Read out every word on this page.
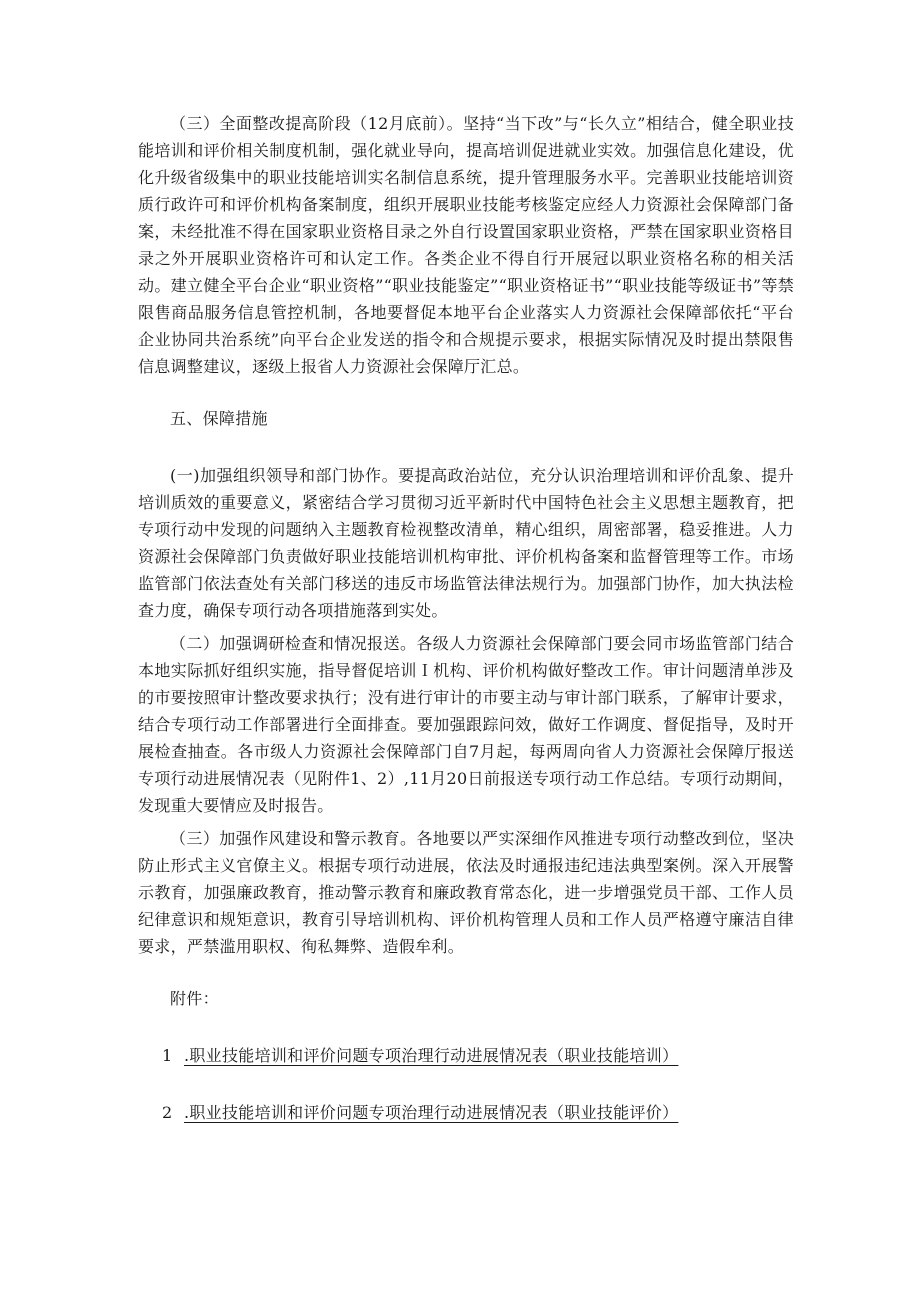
（三）全面整改提高阶段（12月底前）。坚持“当下改”与“长久立”相结合，健全职业技能培训和评价相关制度机制，强化就业导向，提高培训促进就业实效。加强信息化建设，优化升级省级集中的职业技能培训实名制信息系统，提升管理服务水平。完善职业技能培训资质行政许可和评价机构备案制度，组织开展职业技能考核鉴定应经人力资源社会保障部门备案，未经批准不得在国家职业资格目录之外自行设置国家职业资格，严禁在国家职业资格目录之外开展职业资格许可和认定工作。各类企业不得自行开展冠以职业资格名称的相关活动。建立健全平台企业“职业资格”“职业技能鉴定”“职业资格证书”“职业技能等级证书”等禁限售商品服务信息管控机制，各地要督促本地平台企业落实人力资源社会保障部依托“平台企业协同共治系统”向平台企业发送的指令和合规提示要求，根据实际情况及时提出禁限售信息调整建议，逐级上报省人力资源社会保障厅汇总。

五、保障措施

(一)加强组织领导和部门协作。要提高政治站位，充分认识治理培训和评价乱象、提升培训质效的重要意义，紧密结合学习贯彻习近平新时代中国特色社会主义思想主题教育，把专项行动中发现的问题纳入主题教育检视整改清单，精心组织，周密部署，稳妥推进。人力资源社会保障部门负责做好职业技能培训机构审批、评价机构备案和监督管理等工作。市场监管部门依法查处有关部门移送的违反市场监管法律法规行为。加强部门协作，加大执法检查力度，确保专项行动各项措施落到实处。

（二）加强调研检查和情况报送。各级人力资源社会保障部门要会同市场监管部门结合本地实际抓好组织实施，指导督促培训Ｉ机构、评价机构做好整改工作。审计问题清单涉及的市要按照审计整改要求执行；没有进行审计的市要主动与审计部门联系，了解审计要求，结合专项行动工作部署进行全面排查。要加强跟踪问效，做好工作调度、督促指导，及时开展检查抽查。各市级人力资源社会保障部门自7月起，每两周向省人力资源社会保障厅报送专项行动进展情况表（见附件1、2）,11月20日前报送专项行动工作总结。专项行动期间，发现重大要情应及时报告。

（三）加强作风建设和警示教育。各地要以严实深细作风推进专项行动整改到位，坚决防止形式主义官僚主义。根据专项行动进展，依法及时通报违纪违法典型案例。深入开展警示教育，加强廉政教育，推动警示教育和廉政教育常态化，进一步增强党员干部、工作人员纪律意识和规矩意识，教育引导培训机构、评价机构管理人员和工作人员严格遵守廉洁自律要求，严禁滥用职权、徇私舞弊、造假牟利。

附件：

1 .职业技能培训和评价问题专项治理行动进展情况表（职业技能培训）

2 .职业技能培训和评价问题专项治理行动进展情况表（职业技能评价）
